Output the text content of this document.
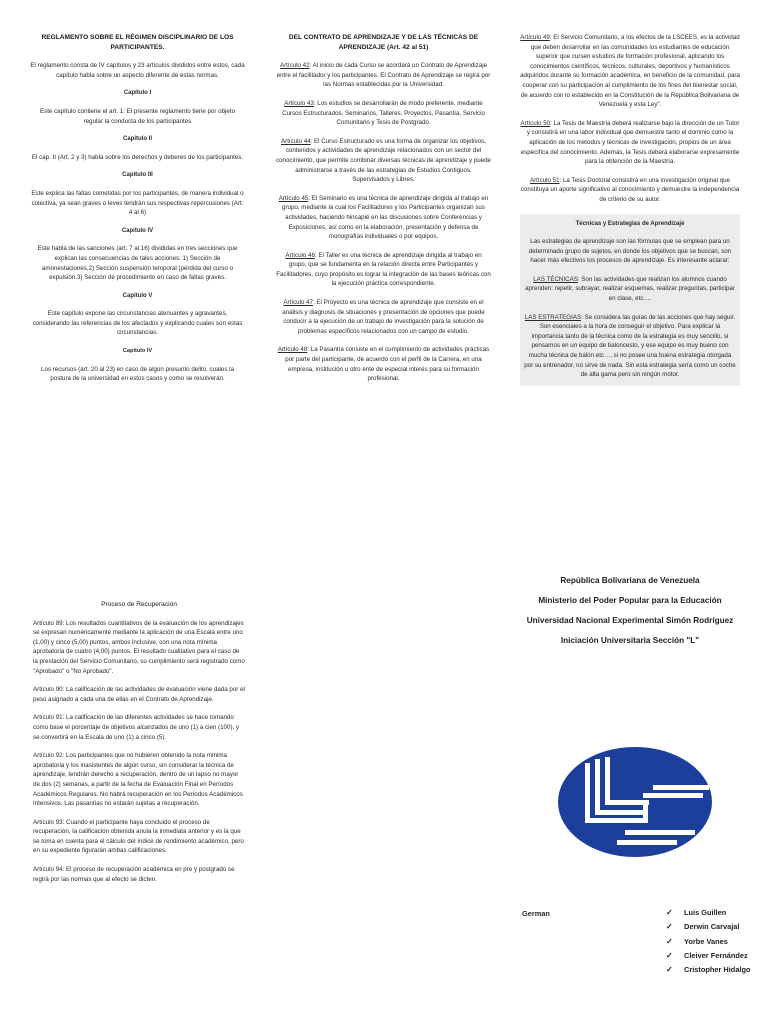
REGLAMENTO SOBRE EL RÉGIMEN DISCIPLINARIO DE LOS PARTICIPANTES.

El reglamento consta de IV capítulos y 23 artículos divididos entre estos, cada capítulo habla sobre un aspecto diferente de estas normas.

Capítulo I

Este capítulo contiene el art. 1: El presente reglamento tiene por objeto regular la conducta de los participantes

Capítulo II

El cap. II (Art. 2 y 3) habla sobre los derechos y deberes de los participantes.

Capitulo III

Este explica las faltas cometidas por los participantes, de manera individual o colectiva, ya sean graves o leves tendrán sus respectivas repercusiones (Art. 4 al 6)

Capítulo IV

Este habla de las sanciones (art. 7 al 16) divididas en tres secciones que explican las consecuencias de tales acciones: 1) Sección de amonestaciones,2) Sección suspensión temporal (pérdida del curso o expulsión.3) Sección de procedimiento en caso de faltas graves.

Capítulo V

Este capítulo expone las circunstancias atenuantes y agravantes, considerando las referencias de los afectados y explicando cuales son estas circunstancias.

Capitulo IV

Los recursos (art. 20 al 23) en caso de algún presunto delito, cuales la postura de la universidad en estos casos y como se resolverán.

DEL CONTRATO DE APRENDIZAJE Y DE LAS TÉCNICAS DE APRENDIZAJE (Art. 42 al 51)

Artículo 42: Al inicio de cada Curso se acordará un Contrato de Aprendizaje entre el facilitador y los participantes. El Contrato de Aprendizaje se regirá por las Normas establecidas por la Universidad.

Artículo 43: Los estudios se desarrollarán de modo preferente, mediante Cursos Estructurados, Seminarios, Talleres, Proyectos, Pasantía, Servicio Comunitario y Tesis de Postgrado.

Artículo 44: El Curso Estructurado es una forma de organizar los objetivos, contenidos y actividades de aprendizaje relacionados con un sector del conocimiento, que permite combinar diversas técnicas de aprendizaje y puede administrarse a través de las estrategias de Estudios Contiguos, Supervisados y Libres.

Artículo 45: El Seminario es una técnica de aprendizaje dirigida al trabajo en grupo, mediante la cual los Facilitadores y los Participantes organizan sus actividades, haciendo hincapié en las discusiones sobre Conferencias y Exposiciones, así como en la elaboración, presentación y defensa de monografías individuales o por equipos.

Artículo 46: El Taller es una técnica de aprendizaje dirigida al trabajo en grupo, que se fundamenta en la relación directa entre Participantes y Facilitadores, cuyo propósito es lograr la integración de las bases teóricas con la ejecución práctica correspondiente.

Artículo 47: El Proyecto es una técnica de aprendizaje que consiste en el análisis y diagnosis de situaciones y presentación de opciones que puede conducir a la ejecución de un trabajo de investigación para la solución de problemas específicos relacionados con un campo de estudio.

Artículo 48: La Pasantía consiste en el cumplimiento de actividades prácticas por parte del participante, de acuerdo con el perfil de la Carrera, en una empresa, institución u otro ente de especial interés para su formación profesional.

Artículo 49: El Servicio Comunitario, a los efectos de la LSCEES, es la actividad que deben desarrollar en las comunidades los estudiantes de educación superior que cursen estudios de formación profesional, aplicando los conocimientos científicos, técnicos, culturales, deportivos y humanísticos adquiridos durante su formación académica, en beneficio de la comunidad, para cooperar con su participación al cumplimiento de los fines del bienestar social, de acuerdo con lo establecido en la Constitución de la República Bolivariana de Venezuela y esta Ley".

Artículo 50: La Tesis de Maestría deberá realizarse bajo la dirección de un Tutor y consistirá en una labor individual que demuestre tanto el dominio como la aplicación de los métodos y técnicas de investigación, propios de un área específica del conocimiento. Además, la Tesis deberá elaborarse expresamente para la obtención de la Maestría.

Artículo 51: La Tesis Doctoral consistirá en una investigación original que constituya un aporte significativo al conocimiento y demuestre la independencia de criterio de su autor.

Técnicas y Estrategias de Aprendizaje

Las estrategias de aprendizaje son las fórmulas que se emplean para un determinado grupo de sujetos, en donde los objetivos que se buscan, son hacer más efectivos los procesos de aprendizaje. Es interesante aclarar:

LAS TÉCNICAS: Son las actividades que realizan los alumnos cuando aprenden: repetir, subrayar, realizar esquemas, realizar preguntas, participar en clase, etc….

LAS ESTRATEGIAS: Se considera las guías de las acciones que hay seguir. Son esenciales a la hora de conseguir el objetivo. Para explicar la importancia tanto de la técnica como de la estrategia es muy sencillo, si pensamos en un equipo de baloncesto, y ese equipo es muy bueno con mucha técnica de balón etc…, si no posee una buena estrategia otorgada por su entrenador, no sirve de nada. Sin esta estrategia sería como un coche de alta gama pero sin ningún motor.

Proceso de Recuperación

Artículo 89: Los resultados cuantitativos de la evaluación de los aprendizajes se expresan numéricamente mediante la aplicación de una Escala entre uno (1,00) y cinco (5,00) puntos, ambos inclusive, con una nota mínima aprobatoria de cuatro (4,00) puntos. El resultado cualitativo para el caso de la prestación del Servicio Comunitario, su cumplimiento será registrado como "Aprobado" o "No Aprobado".

Artículo 90: La calificación de las actividades de evaluación viene dada por el peso asignado a cada una de ellas en el Contrato de Aprendizaje.

Artículo 91: La calificación de las diferentes actividades se hace tomando como base el porcentaje de objetivos alcanzados de uno (1) a cien (100), y se convertirá en la Escala de uno (1) a cinco (5).

Artículo 92: Los participantes que no hubieren obtenido la nota mínima aprobatoria y los inasistentes de algún curso, sin considerar la técnica de aprendizaje, tendrán derecho a recuperación, dentro de un lapso no mayor de dos (2) semanas, a partir de la fecha de Evaluación Final en Períodos Académicos Regulares. No habrá recuperación en los Períodos Académicos Intensivos. Las pasantías no estarán sujetas a recuperación.

Artículo 93: Cuando el participante haya concluido el proceso de recuperación, la calificación obtenida anula la inmediata anterior y es la que se toma en cuenta para el cálculo del índice de rendimiento académico, pero en su expediente figurarán ambas calificaciones.

Artículo 94: El proceso de recuperación académica en pre y postgrado se regirá por las normas que al efecto se dicten.

República Bolivariana de Venezuela

Ministerio del Poder Popular para la Educación

Universidad Nacional Experimental Simón Rodríguez

Iniciación Universitaria Sección "L"

German	✓	Luis Guillen
✓	Derwin Carvajal
✓	Yorbe Vanes
✓	Cleiver Fernández
✓	Cristopher Hidalgo
